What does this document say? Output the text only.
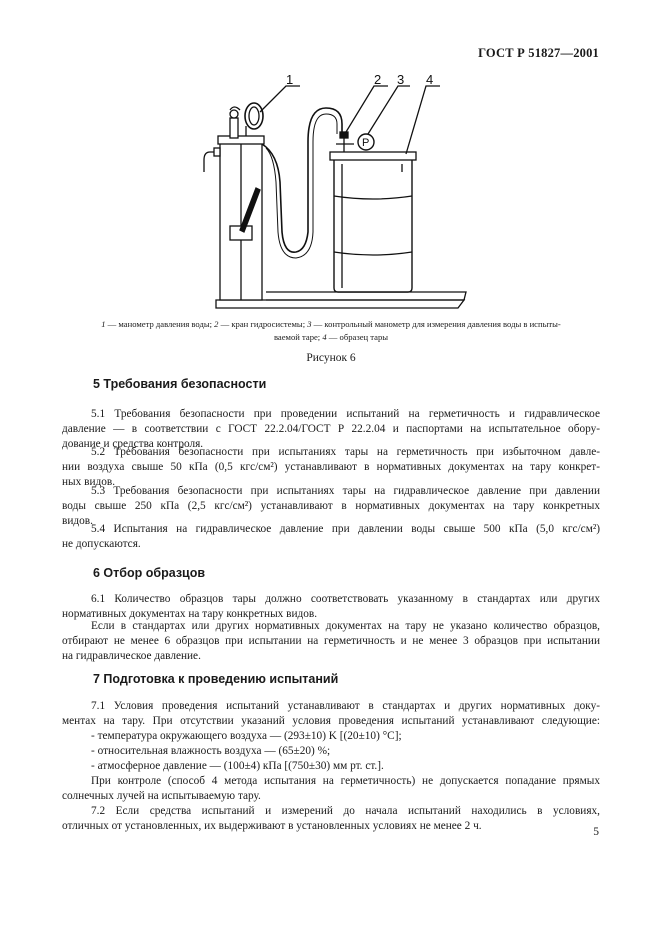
ГОСТ Р 51827—2001
P
1	2 3 4
1 — манометр давления воды; 2 — кран гидросистемы; 3 — контрольный манометр для измерения давления воды в испыты-
ваемой таре; 4 — образец тары
Рисунок 6
5 Требования безопасности
5.1 Требования безопасности при проведении испытаний на герметичность и гидравлическое
давление — в соответствии с ГОСТ 22.2.04/ГОСТ Р 22.2.04 и паспортами на испытательное обору-
дование и средства контроля.
5.2 Требования безопасности при испытаниях тары на герметичность при избыточном давле-
нии воздуха свыше 50 кПа (0,5 кгс/см²) устанавливают в нормативных документах на тару конкрет-
ных видов.
5.3 Требования безопасности при испытаниях тары на гидравлическое давление при давлении
воды свыше 250 кПа (2,5 кгс/см²) устанавливают в нормативных документах на тару конкретных
видов.
5.4 Испытания на гидравлическое давление при давлении воды свыше 500 кПа (5,0 кгс/см²)
не допускаются.
6 Отбор образцов
6.1 Количество образцов тары должно соответствовать указанному в стандартах или других
нормативных документах на тару конкретных видов.
Если в стандартах или других нормативных документах на тару не указано количество образцов,
отбирают не менее 6 образцов при испытании на герметичность и не менее 3 образцов при испытании
на гидравлическое давление.
7 Подготовка к проведению испытаний
7.1 Условия проведения испытаний устанавливают в стандартах и других нормативных доку-
ментах на тару. При отсутствии указаний условия проведения испытаний устанавливают следующие:
- температура окружающего воздуха — (293±10) K [(20±10) °C];
- относительная влажность воздуха — (65±20) %;
- атмосферное давление — (100±4) кПа [(750±30) мм рт. ст.].
При контроле (способ 4 метода испытания на герметичность) не допускается попадание прямых
солнечных лучей на испытываемую тару.
7.2 Если средства испытаний и измерений до начала испытаний находились в условиях,
отличных от установленных, их выдерживают в установленных условиях не менее 2 ч.	5
